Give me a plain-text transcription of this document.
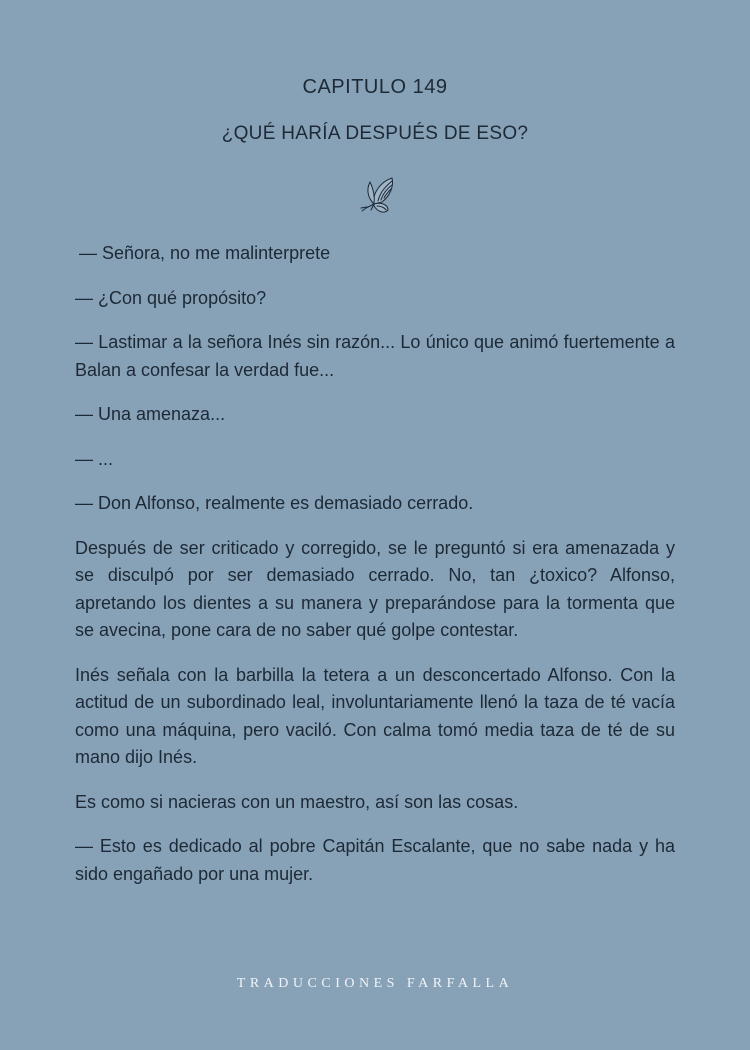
CAPITULO 149
¿QUÉ HARÍA DESPUÉS DE ESO?

— Señora, no me malinterprete

— ¿Con qué propósito?

— Lastimar a la señora Inés sin razón... Lo único que animó fuertemente a Balan a confesar la verdad fue...

— Una amenaza...

— ...

— Don Alfonso, realmente es demasiado cerrado.

Después de ser criticado y corregido, se le preguntó si era amenazada y se disculpó por ser demasiado cerrado. No, tan ¿toxico? Alfonso, apretando los dientes a su manera y preparándose para la tormenta que se avecina, pone cara de no saber qué golpe contestar.

Inés señala con la barbilla la tetera a un desconcertado Alfonso. Con la actitud de un subordinado leal, involuntariamente llenó la taza de té vacía como una máquina, pero vaciló. Con calma tomó media taza de té de su mano dijo Inés.

Es como si nacieras con un maestro, así son las cosas.

— Esto es dedicado al pobre Capitán Escalante, que no sabe nada y ha sido engañado por una mujer.

TRADUCCIONES FARFALLA
